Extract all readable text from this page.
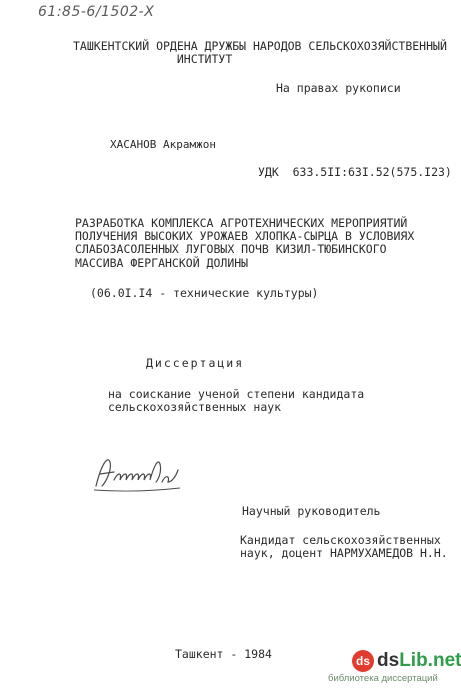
61:85-6/1502-Х
ТАШКЕНТСКИЙ ОРДЕНА ДРУЖБЫ НАРОДОВ СЕЛЬСКОХОЗЯЙСТВЕННЫЙ
ИНСТИТУТ
На правах рукописи
ХАСАНОВ Акрамжон
УДК  633.5II:63I.52(575.I23)
РАЗРАБОТКА КОМПЛЕКСА АГРОТЕХНИЧЕСКИХ МЕРОПРИЯТИЙ
ПОЛУЧЕНИЯ ВЫСОКИХ УРОЖАЕВ ХЛОПКА-СЫРЦА В УСЛОВИЯХ
СЛАБОЗАСОЛЕННЫХ ЛУГОВЫХ ПОЧВ КИЗИЛ-ТЮБИНСКОГО
МАССИВА ФЕРГАНСКОЙ ДОЛИНЫ
(06.0I.I4 - технические культуры)
Диссертация
на соискание ученой степени кандидата
сельскохозяйственных наук
Научный руководитель
Кандидат сельскохозяйственных
наук, доцент НАРМУХАМЕДОВ Н.Н.
Ташкент - 1984	ds dsLib.net
библиотека диссертаций
